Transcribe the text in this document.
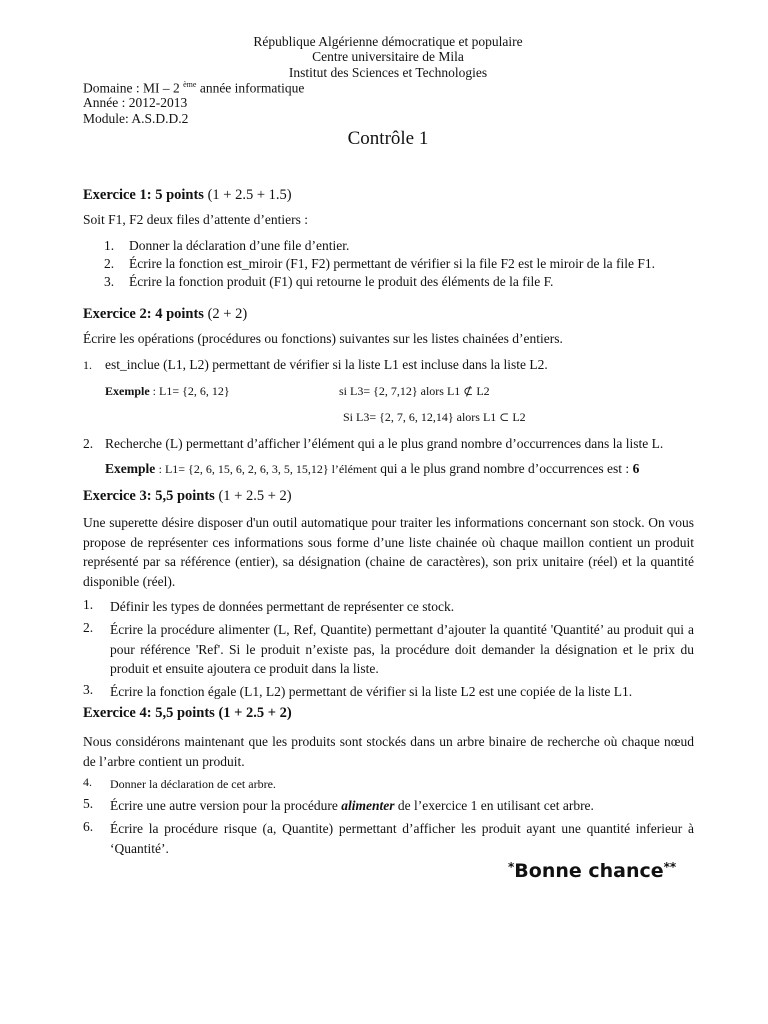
République Algérienne démocratique et populaire
Centre universitaire de Mila
Institut des Sciences et Technologies
Domaine : MI – 2 $^{ème}$ année informatique
Année : 2012-2013
Module: A.S.D.D.2
Contrôle 1
Exercice 1: 5 points (1 + 2.5 + 1.5)
Soit F1, F2 deux files d’attente d’entiers :
1. Donner la déclaration d’une file d’entier.
2. Écrire la fonction est_miroir (F1, F2) permettant de vérifier si la file F2 est le miroir de la file F1.
3. Écrire la fonction produit (F1) qui retourne le produit des éléments de la file F.
Exercice 2: 4 points (2 + 2)
Écrire les opérations (procédures ou fonctions) suivantes sur les listes chainées d’entiers.
1. est_inclue (L1, L2) permettant de vérifier si la liste L1 est incluse dans la liste L2.
Exemple : L1= {2, 6, 12}	si L3= {2, 7,12} alors L1 ⊄ L2
Si L3= {2, 7, 6, 12,14} alors L1 ⊂ L2
2. Recherche (L) permettant d’afficher l’élément qui a le plus grand nombre d’occurrences dans la liste L.
Exemple : L1= {2, 6, 15, 6, 2, 6, 3, 5, 15,12} l’élément qui a le plus grand nombre d’occurrences est : 6
Exercice 3: 5,5 points (1 + 2.5 + 2)
Une superette désire disposer d'un outil automatique pour traiter les informations concernant son stock. On vous propose de représenter ces informations sous forme d’une liste chainée où chaque maillon contient un produit représenté par sa référence (entier), sa désignation (chaine de caractères), son prix unitaire (réel) et la quantité disponible (réel).
1. Définir les types de données permettant de représenter ce stock.
2. Écrire la procédure alimenter (L, Ref, Quantite) permettant d’ajouter la quantité 'Quantité’ au produit qui a pour référence 'Ref'. Si le produit n’existe pas, la procédure doit demander la désignation et le prix du produit et ensuite ajoutera ce produit dans la liste.
3. Écrire la fonction égale (L1, L2) permettant de vérifier si la liste L2 est une copiée de la liste L1.
Exercice 4: 5,5 points (1 + 2.5 + 2)
Nous considérons maintenant que les produits sont stockés dans un arbre binaire de recherche où chaque nœud de l’arbre contient un produit.
4. Donner la déclaration de cet arbre.
5. Écrire une autre version pour la procédure alimenter de l’exercice 1 en utilisant cet arbre.
6. Écrire la procédure risque (a, Quantite) permettant d’afficher les produit ayant une quantité inferieur à ‘Quantité’.
*Bonne chance**
